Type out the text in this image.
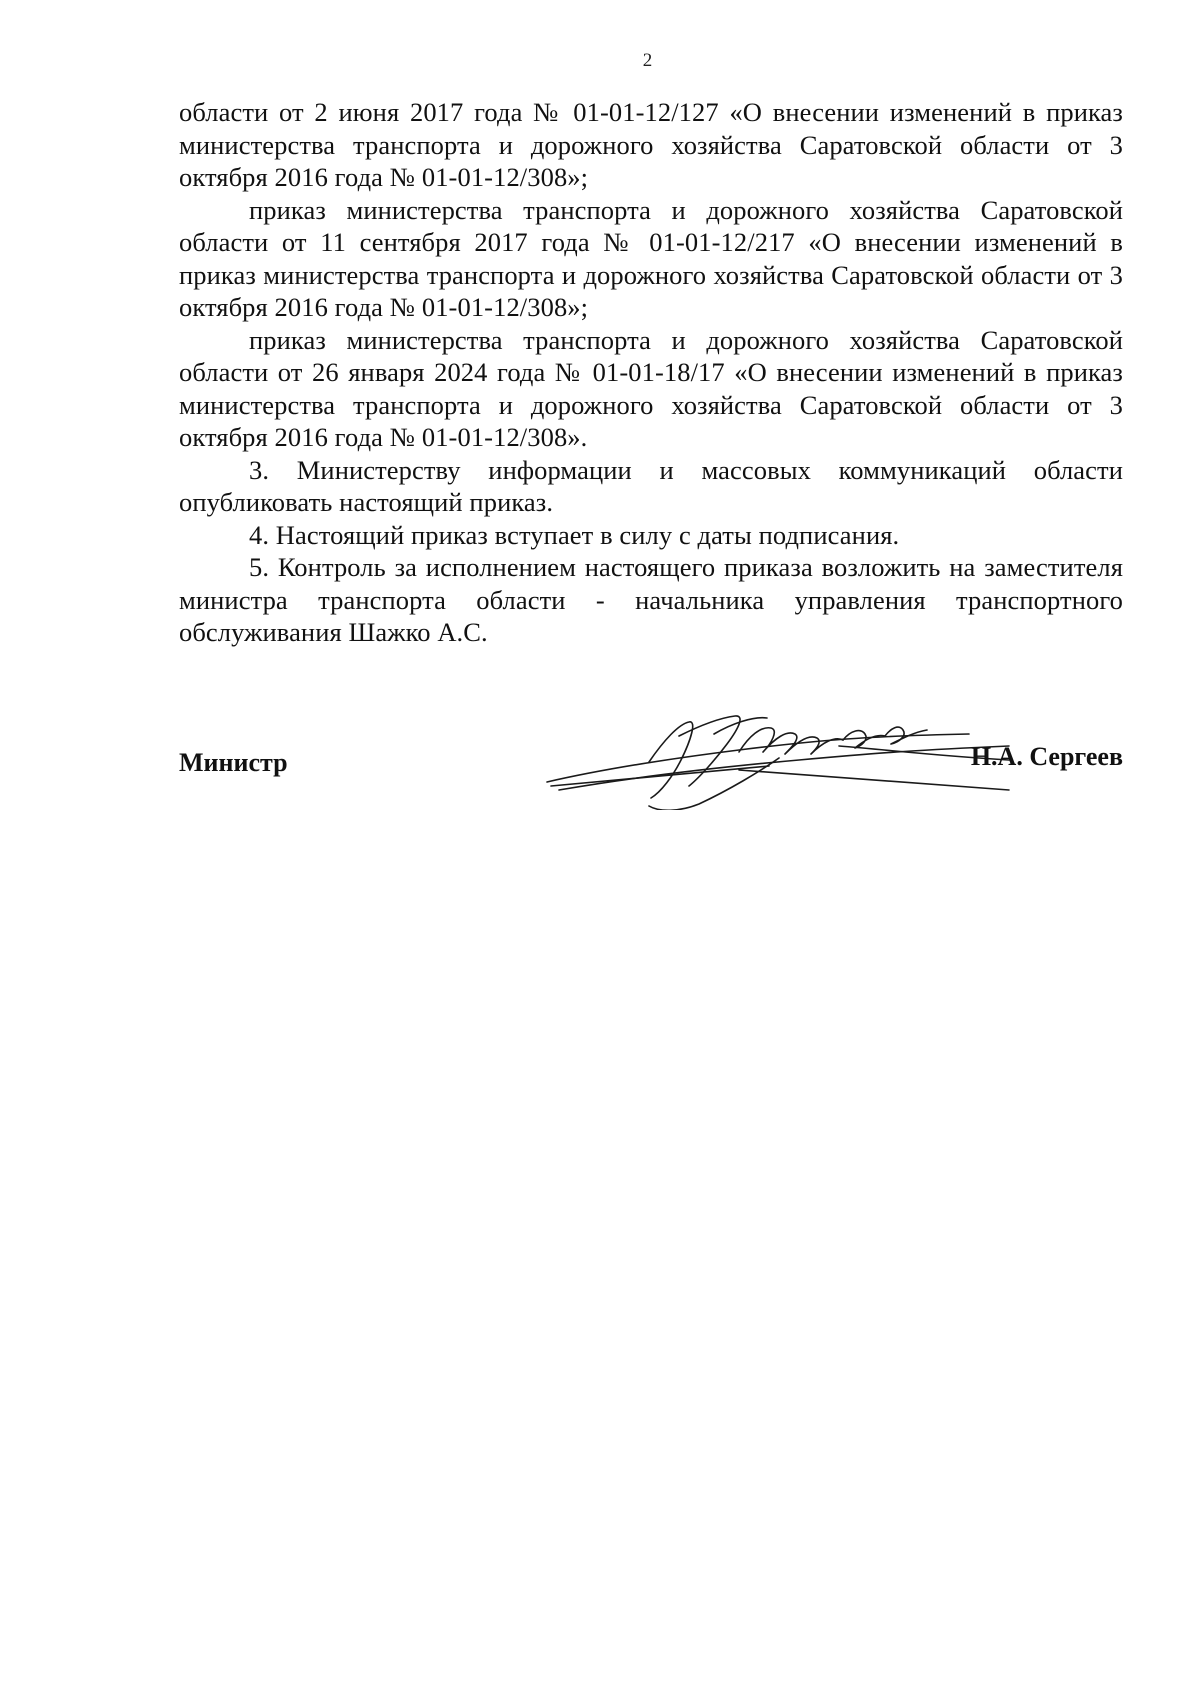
2

области от 2 июня 2017 года № 01-01-12/127 «О внесении изменений в приказ министерства транспорта и дорожного хозяйства Саратовской области от 3 октября 2016 года № 01-01-12/308»;

приказ министерства транспорта и дорожного хозяйства Саратовской области от 11 сентября 2017 года № 01-01-12/217 «О внесении изменений в приказ министерства транспорта и дорожного хозяйства Саратовской области от 3 октября 2016 года № 01-01-12/308»;

приказ министерства транспорта и дорожного хозяйства Саратовской области от 26 января 2024 года № 01-01-18/17 «О внесении изменений в приказ министерства транспорта и дорожного хозяйства Саратовской области от 3 октября 2016 года № 01-01-12/308».

3. Министерству информации и массовых коммуникаций области опубликовать настоящий приказ.

4. Настоящий приказ вступает в силу с даты подписания.

5. Контроль за исполнением настоящего приказа возложить на заместителя министра транспорта области - начальника управления транспортного обслуживания Шажко А.С.

Министр	Н.А. Сергеев
